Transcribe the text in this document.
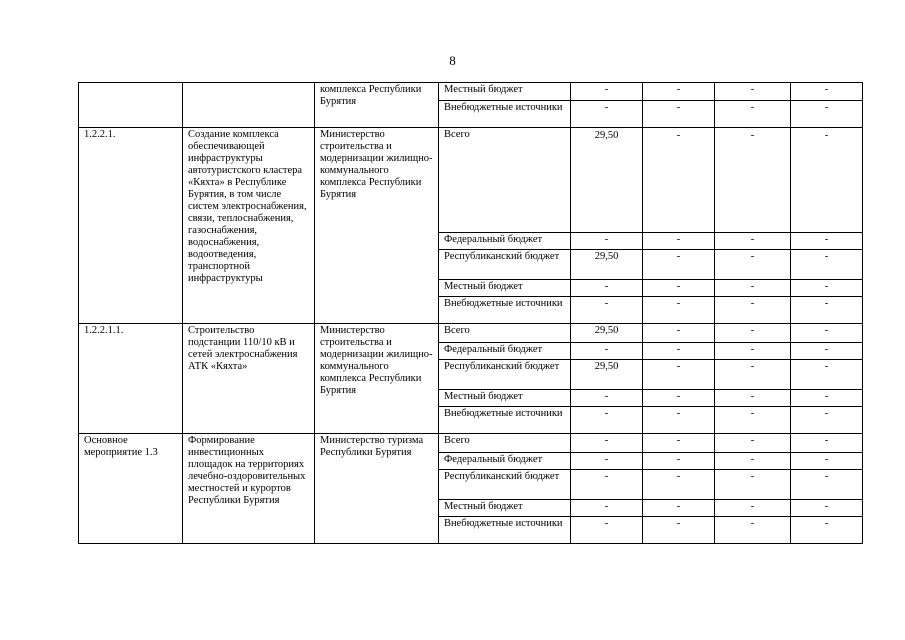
8
		комплекса Республики Бурятия	Местный бюджет	-	-	-	-
			Внебюджетные источники	-	-	-	-
1.2.2.1.	Создание комплекса обеспечивающей инфраструктуры автотуристского кластера «Кяхта» в Республике Бурятия, в том числе систем электроснабжения, связи, теплоснабжения, газоснабжения, водоснабжения, водоотведения, транспортной инфраструктуры	Министерство строительства и модернизации жилищно-коммунального комплекса Республики Бурятия	Всего	29,50	-	-	-
			Федеральный бюджет	-	-	-	-
			Республиканский бюджет	29,50	-	-	-
			Местный бюджет	-	-	-	-
			Внебюджетные источники	-	-	-	-
1.2.2.1.1.	Строительство подстанции 110/10 кВ и сетей электроснабжения АТК «Кяхта»	Министерство строительства и модернизации жилищно-коммунального комплекса Республики Бурятия	Всего	29,50	-	-	-
			Федеральный бюджет	-	-	-	-
			Республиканский бюджет	29,50	-	-	-
			Местный бюджет	-	-	-	-
			Внебюджетные источники	-	-	-	-
Основное мероприятие 1.3	Формирование инвестиционных площадок на территориях лечебно-оздоровительных местностей и курортов Республики Бурятия	Министерство туризма Республики Бурятия	Всего	-	-	-	-
			Федеральный бюджет	-	-	-	-
			Республиканский бюджет	-	-	-	-
			Местный бюджет	-	-	-	-
			Внебюджетные источники	-	-	-	-
